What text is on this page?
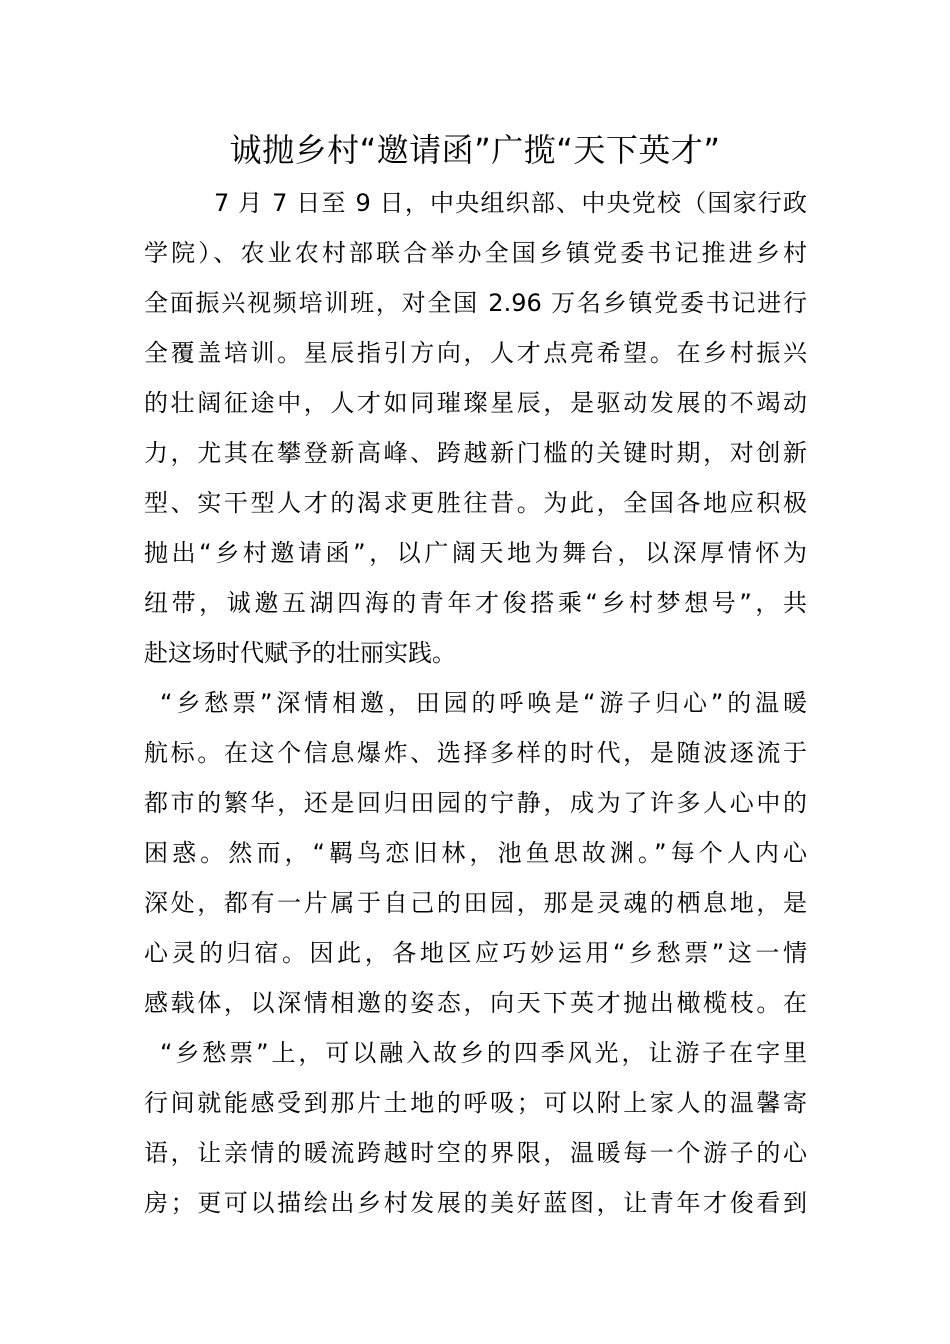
诚抛乡村“邀请函”广揽“天下英才”

7 月 7 日至 9 日，中央组织部、中央党校（国家行政
学院）、农业农村部联合举办全国乡镇党委书记推进乡村
全面振兴视频培训班，对全国 2.96 万名乡镇党委书记进行
全覆盖培训。星辰指引方向，人才点亮希望。在乡村振兴
的壮阔征途中，人才如同璀璨星辰，是驱动发展的不竭动
力，尤其在攀登新高峰、跨越新门槛的关键时期，对创新
型、实干型人才的渴求更胜往昔。为此，全国各地应积极
抛出“乡村邀请函”，以广阔天地为舞台，以深厚情怀为
纽带，诚邀五湖四海的青年才俊搭乘“乡村梦想号”，共
赴这场时代赋予的壮丽实践。

“乡愁票”深情相邀，田园的呼唤是“游子归心”的温暖
航标。在这个信息爆炸、选择多样的时代，是随波逐流于
都市的繁华，还是回归田园的宁静，成为了许多人心中的
困惑。然而，“羁鸟恋旧林，池鱼思故渊。”每个人内心
深处，都有一片属于自己的田园，那是灵魂的栖息地，是
心灵的归宿。因此，各地区应巧妙运用“乡愁票”这一情
感载体，以深情相邀的姿态，向天下英才抛出橄榄枝。在
“乡愁票”上，可以融入故乡的四季风光，让游子在字里
行间就能感受到那片土地的呼吸；可以附上家人的温馨寄
语，让亲情的暖流跨越时空的界限，温暖每一个游子的心
房；更可以描绘出乡村发展的美好蓝图，让青年才俊看到
